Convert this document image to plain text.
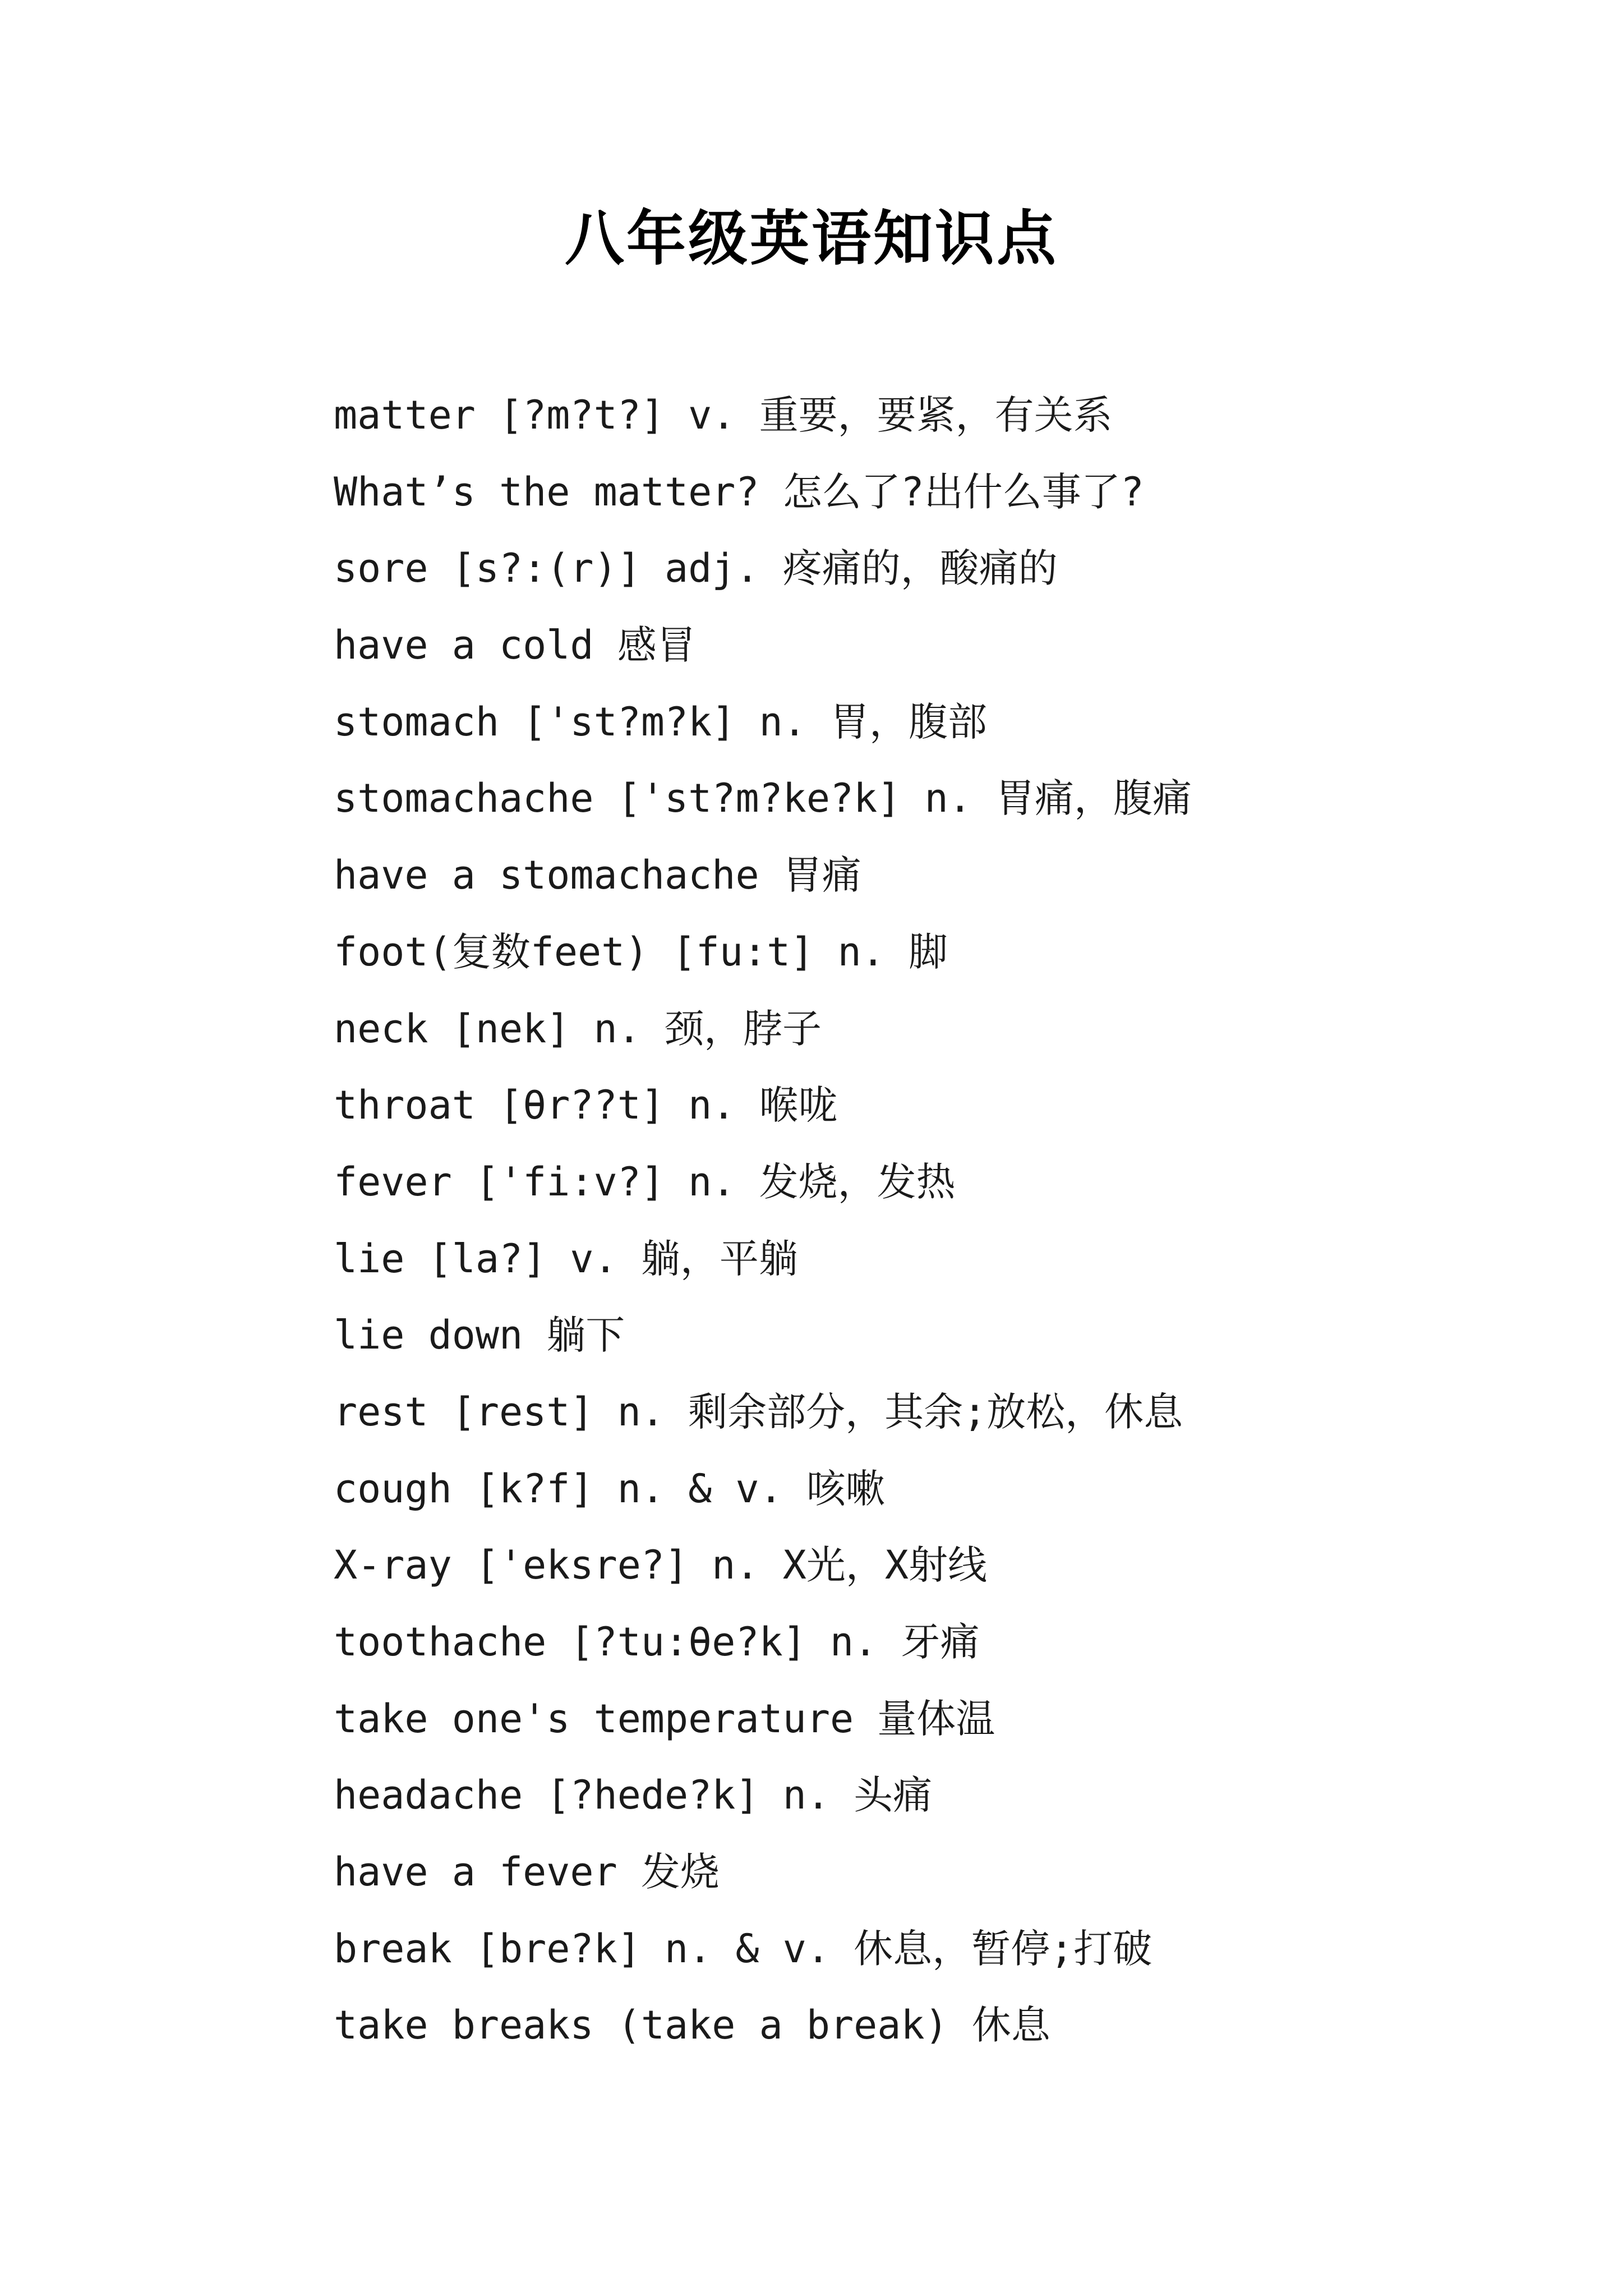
八年级英语知识点
matter [?m?t?] v. 重要，要紧，有关系
What’s the matter? 怎么了?出什么事了?
sore [s?:(r)] adj. 疼痛的，酸痛的
have a cold 感冒
stomach ['st?m?k] n. 胃，腹部
stomachache ['st?m?ke?k] n. 胃痛，腹痛
have a stomachache 胃痛
foot(复数feet) [fu:t] n. 脚
neck [nek] n. 颈，脖子
throat [θr??t] n. 喉咙
fever ['fi:v?] n. 发烧，发热
lie [la?] v. 躺，平躺
lie down 躺下
rest [rest] n. 剩余部分，其余;放松，休息
cough [k?f] n. & v. 咳嗽
X-ray ['eksre?] n. X光，X射线
toothache [?tu:θe?k] n. 牙痛
take one's temperature 量体温
headache [?hede?k] n. 头痛
have a fever 发烧
break [bre?k] n. & v. 休息，暂停;打破
take breaks (take a break) 休息
